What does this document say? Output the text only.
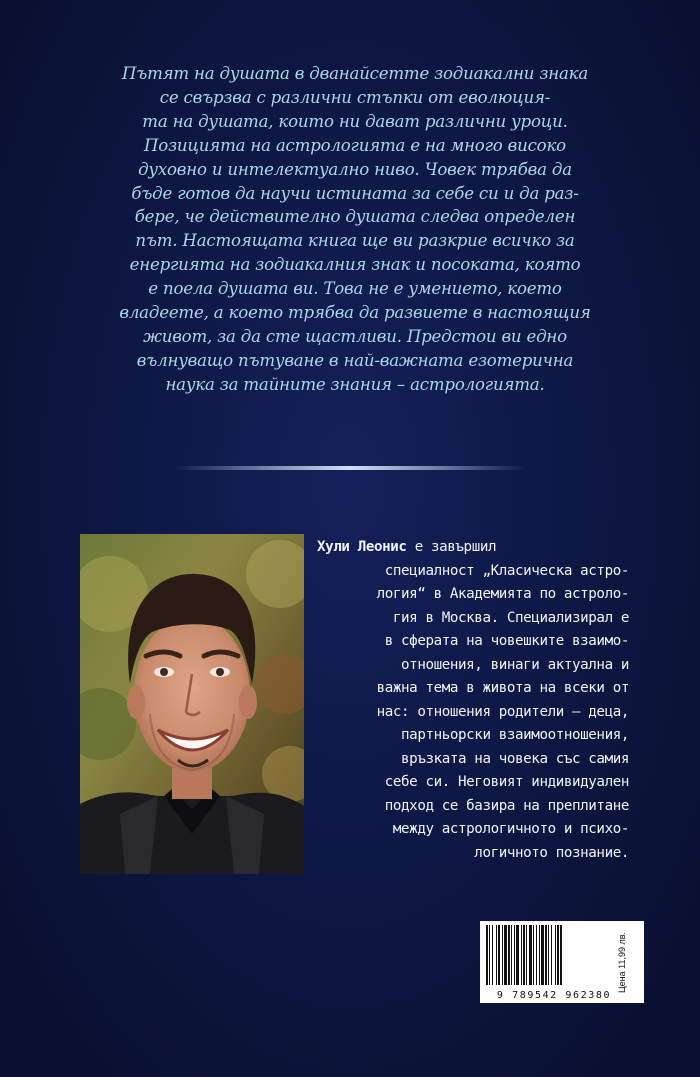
Пътят на душата в дванайсетте зодиакални знака
се свързва с различни стъпки от еволюция-
та на душата, които ни дават различни уроци.
Позицията на астрологията е на много високо
духовно и интелектуално ниво. Човек трябва да
бъде готов да научи истината за себе си и да раз-
бере, че действително душата следва определен
път. Настоящата книга ще ви разкрие всичко за
енергията на зодиакалния знак и посоката, която
е поела душата ви. Това не е умението, което
владеете, а което трябва да развиете в настоящия
живот, за да сте щастливи. Предстои ви едно
вълнуващо пътуване в най-важната езотерична
наука за тайните знания – астрологията.

Хули Леонис е завършил
специалност „Класическа астро-
логия“ в Академията по астроло-
гия в Москва. Специализирал е
в сферата на човешките взаимо-
отношения, винаги актуална и
важна тема в живота на всеки от
нас: отношения родители – деца,
партньорски взаимоотношения,
връзката на човека със самия
себе си. Неговият индивидуален
подход се базира на преплитане
между астрологичното и психо-
логичното познание.

9 789542 962380
Цена 11,99 лв.
